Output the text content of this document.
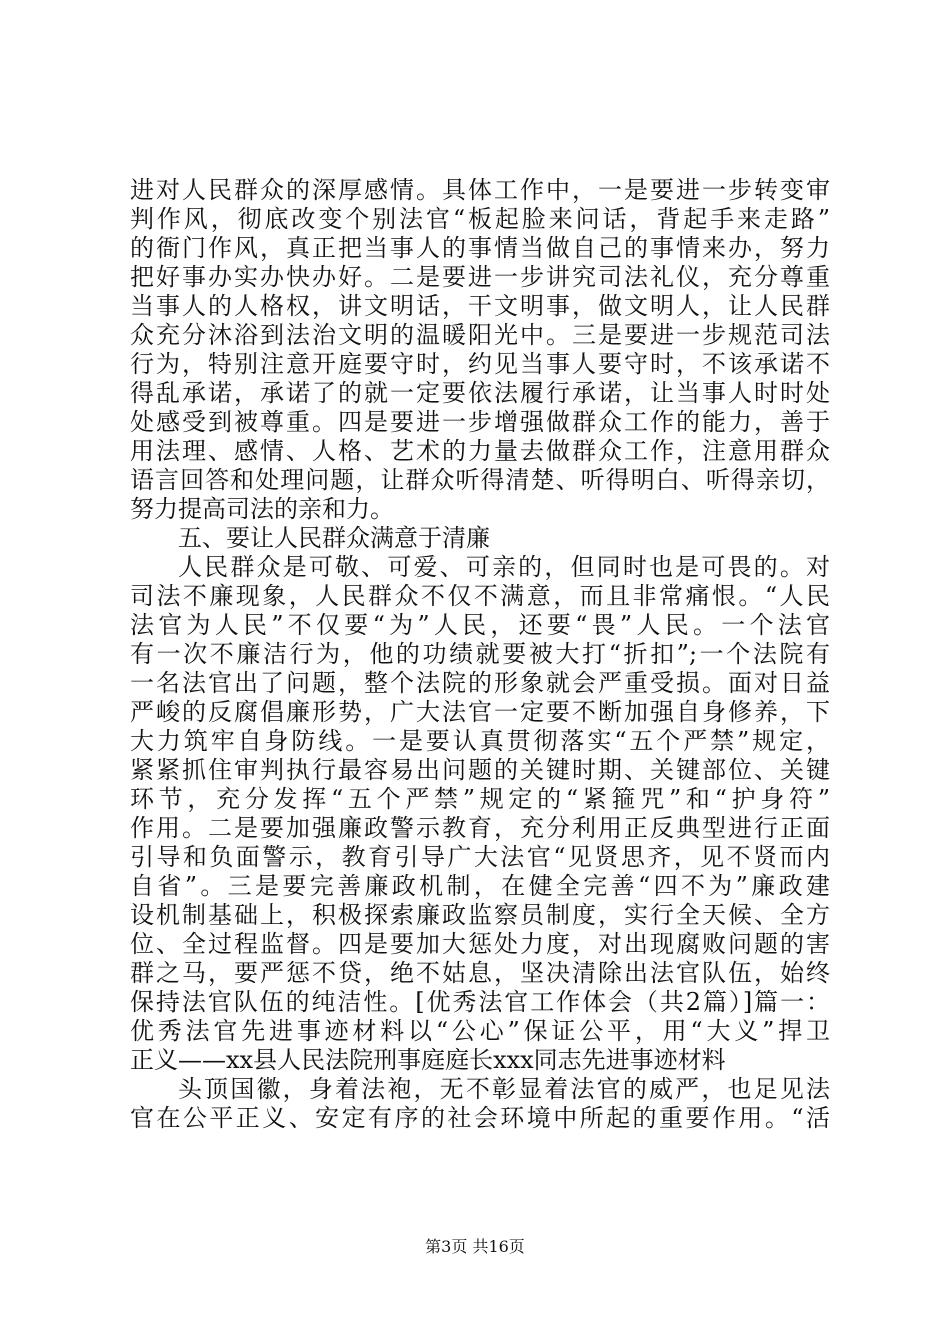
进对人民群众的深厚感情。具体工作中，一是要进一步转变审
判作风，彻底改变个别法官“板起脸来问话，背起手来走路”
的衙门作风，真正把当事人的事情当做自己的事情来办，努力
把好事办实办快办好。二是要进一步讲究司法礼仪，充分尊重
当事人的人格权，讲文明话，干文明事，做文明人，让人民群
众充分沐浴到法治文明的温暖阳光中。三是要进一步规范司法
行为，特别注意开庭要守时，约见当事人要守时，不该承诺不
得乱承诺，承诺了的就一定要依法履行承诺，让当事人时时处
处感受到被尊重。四是要进一步增强做群众工作的能力，善于
用法理、感情、人格、艺术的力量去做群众工作，注意用群众
语言回答和处理问题，让群众听得清楚、听得明白、听得亲切，
努力提高司法的亲和力。
五、要让人民群众满意于清廉
人民群众是可敬、可爱、可亲的，但同时也是可畏的。对
司法不廉现象，人民群众不仅不满意，而且非常痛恨。“人民
法官为人民”不仅要“为”人民，还要“畏”人民。一个法官
有一次不廉洁行为，他的功绩就要被大打“折扣”;一个法院有
一名法官出了问题，整个法院的形象就会严重受损。面对日益
严峻的反腐倡廉形势，广大法官一定要不断加强自身修养，下
大力筑牢自身防线。一是要认真贯彻落实“五个严禁”规定，
紧紧抓住审判执行最容易出问题的关键时期、关键部位、关键
环节，充分发挥“五个严禁”规定的“紧箍咒”和“护身符”
作用。二是要加强廉政警示教育，充分利用正反典型进行正面
引导和负面警示，教育引导广大法官“见贤思齐，见不贤而内
自省”。三是要完善廉政机制，在健全完善“四不为”廉政建
设机制基础上，积极探索廉政监察员制度，实行全天候、全方
位、全过程监督。四是要加大惩处力度，对出现腐败问题的害
群之马，要严惩不贷，绝不姑息，坚决清除出法官队伍，始终
保持法官队伍的纯洁性。[优秀法官工作体会（共2篇）]篇一：
优秀法官先进事迹材料以“公心”保证公平，用“大义”捍卫
正义——xx县人民法院刑事庭庭长xxx同志先进事迹材料
头顶国徽，身着法袍，无不彰显着法官的威严，也足见法
官在公平正义、安定有序的社会环境中所起的重要作用。“活
第3页 共16页
